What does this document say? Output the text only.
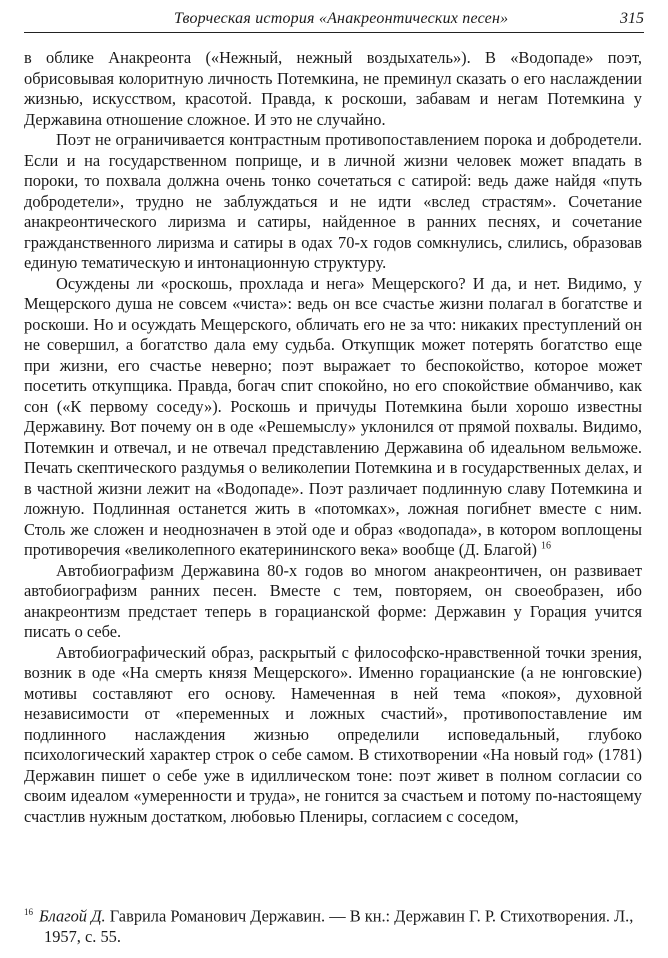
Творческая история «Анакреонтических песен»	315

в облике Анакреонта («Нежный, нежный воздыхатель»). В «Водопаде» поэт, обрисовывая колоритную личность Потемкина, не преминул сказать о его наслаждении жизнью, искусством, красотой. Правда, к роскоши, забавам и негам Потемкина у Державина отношение сложное. И это не случайно.

Поэт не ограничивается контрастным противопоставлением порока и добродетели. Если и на государственном поприще, и в личной жизни человек может впадать в пороки, то похвала должна очень тонко сочетаться с сатирой: ведь даже найдя «путь добродетели», трудно не заблуждаться и не идти «вслед страстям». Сочетание анакреонтического лиризма и сатиры, найденное в ранних песнях, и сочетание гражданственного лиризма и сатиры в одах 70-х годов сомкнулись, слились, образовав единую тематическую и интонационную структуру.

Осуждены ли «роскошь, прохлада и нега» Мещерского? И да, и нет. Видимо, у Мещерского душа не совсем «чиста»: ведь он все счастье жизни полагал в богатстве и роскоши. Но и осуждать Мещерского, обличать его не за что: никаких преступлений он не совершил, а богатство дала ему судьба. Откупщик может потерять богатство еще при жизни, его счастье неверно; поэт выражает то беспокойство, которое может посетить откупщика. Правда, богач спит спокойно, но его спокойствие обманчиво, как сон («К первому соседу»). Роскошь и причуды Потемкина были хорошо известны Державину. Вот почему он в оде «Решемыслу» уклонился от прямой похвалы. Видимо, Потемкин и отвечал, и не отвечал представлению Державина об идеальном вельможе. Печать скептического раздумья о великолепии Потемкина и в государственных делах, и в частной жизни лежит на «Водопаде». Поэт различает подлинную славу Потемкина и ложную. Подлинная останется жить в «потомках», ложная погибнет вместе с ним. Столь же сложен и неоднозначен в этой оде и образ «водопада», в котором воплощены противоречия «великолепного екатерининского века» вообще (Д. Благой) $^{16}$

Автобиографизм Державина 80-х годов во многом анакреонтичен, он развивает автобиографизм ранних песен. Вместе с тем, повторяем, он своеобразен, ибо анакреонтизм предстает теперь в горацианской форме: Державин у Горация учится писать о себе.

Автобиографический образ, раскрытый с философско-нравственной точки зрения, возник в оде «На смерть князя Мещерского». Именно горацианские (а не юнговские) мотивы составляют его основу. Намеченная в ней тема «покоя», духовной независимости от «переменных и ложных счастий», противопоставление им подлинного наслаждения жизнью определили исповедальный, глубоко психологический характер строк о себе самом. В стихотворении «На новый год» (1781) Державин пишет о себе уже в идиллическом тоне: поэт живет в полном согласии со своим идеалом «умеренности и труда», не гонится за счастьем и потому по-настоящему счастлив нужным достатком, любовью Плениры, согласием с соседом,

$^{16}$ Благой Д. Гаврила Романович Державин. — В кн.: Державин Г. Р. Стихотворения. Л.,

1957, с. 55.
